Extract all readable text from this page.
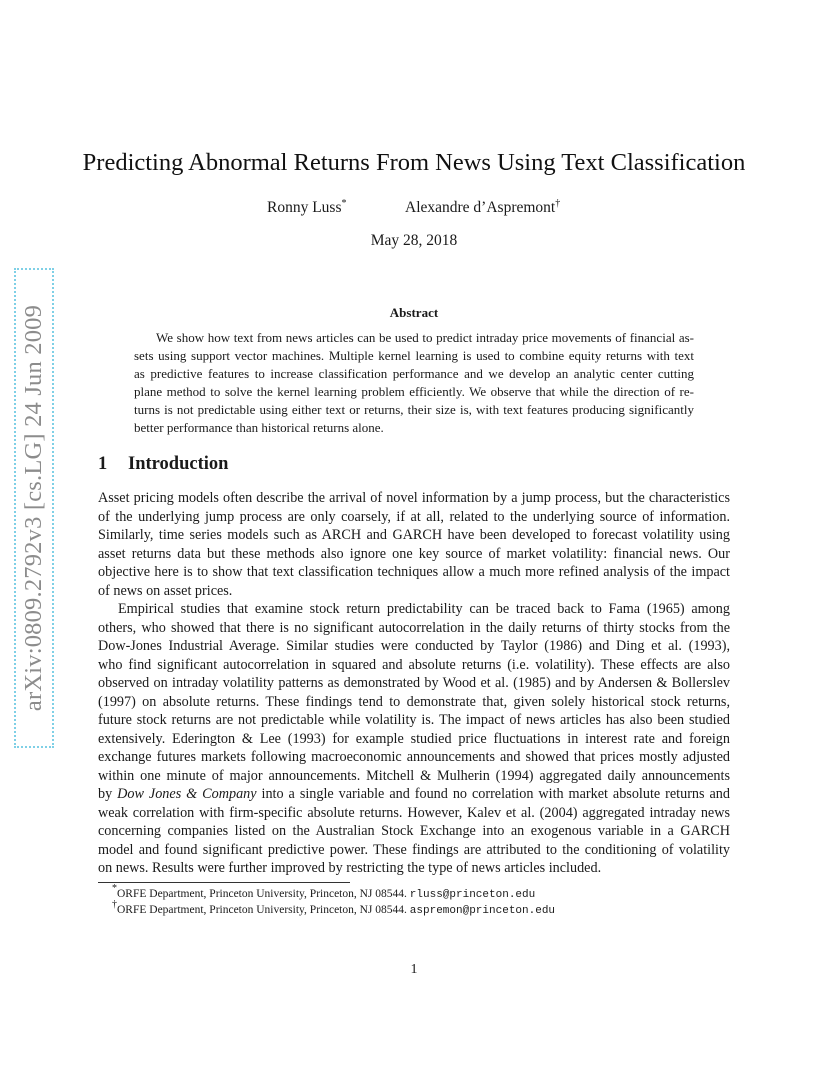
arXiv:0809.2792v3 [cs.LG] 24 Jun 2009
Predicting Abnormal Returns From News Using Text Classification
Ronny Luss*	Alexandre d’Aspremont†
May 28, 2018
Abstract
We show how text from news articles can be used to predict intraday price movements of financial as-
sets using support vector machines. Multiple kernel learning is used to combine equity returns with text
as predictive features to increase classification performance and we develop an analytic center cutting
plane method to solve the kernel learning problem efficiently. We observe that while the direction of re-
turns is not predictable using either text or returns, their size is, with text features producing significantly
better performance than historical returns alone.
1 Introduction
Asset pricing models often describe the arrival of novel information by a jump process, but the characteristics
of the underlying jump process are only coarsely, if at all, related to the underlying source of information.
Similarly, time series models such as ARCH and GARCH have been developed to forecast volatility using
asset returns data but these methods also ignore one key source of market volatility: financial news. Our
objective here is to show that text classification techniques allow a much more refined analysis of the impact
of news on asset prices.
Empirical studies that examine stock return predictability can be traced back to Fama (1965) among
others, who showed that there is no significant autocorrelation in the daily returns of thirty stocks from the
Dow-Jones Industrial Average. Similar studies were conducted by Taylor (1986) and Ding et al. (1993),
who find significant autocorrelation in squared and absolute returns (i.e. volatility). These effects are also
observed on intraday volatility patterns as demonstrated by Wood et al. (1985) and by Andersen & Bollerslev
(1997) on absolute returns. These findings tend to demonstrate that, given solely historical stock returns,
future stock returns are not predictable while volatility is. The impact of news articles has also been studied
extensively. Ederington & Lee (1993) for example studied price fluctuations in interest rate and foreign
exchange futures markets following macroeconomic announcements and showed that prices mostly adjusted
within one minute of major announcements. Mitchell & Mulherin (1994) aggregated daily announcements
by Dow Jones & Company into a single variable and found no correlation with market absolute returns and
weak correlation with firm-specific absolute returns. However, Kalev et al. (2004) aggregated intraday news
concerning companies listed on the Australian Stock Exchange into an exogenous variable in a GARCH
model and found significant predictive power. These findings are attributed to the conditioning of volatility
on news. Results were further improved by restricting the type of news articles included.
*ORFE Department, Princeton University, Princeton, NJ 08544. rluss@princeton.edu
†ORFE Department, Princeton University, Princeton, NJ 08544. aspremon@princeton.edu
1
